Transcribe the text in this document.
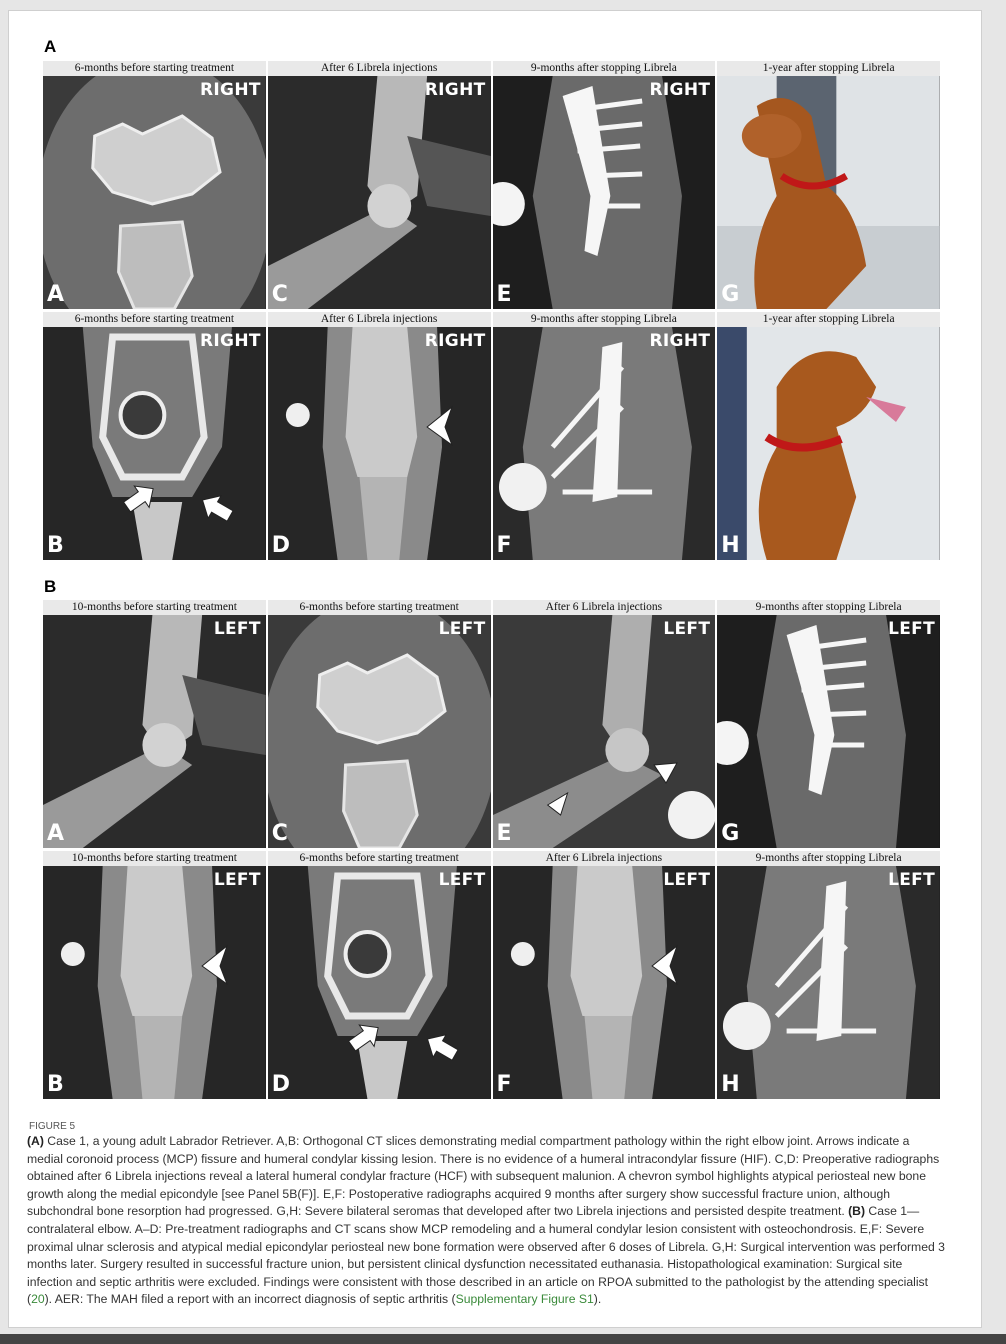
A
6-months before starting treatment
RIGHT
A
After 6 Librela injections
RIGHT
C
9-months after stopping Librela
RIGHT
E
1-year after stopping Librela
G
6-months before starting treatment
RIGHT
B
After 6 Librela injections
RIGHT
D
9-months after stopping Librela
RIGHT
F
1-year after stopping Librela
H
B
10-months before starting treatment
LEFT
A
6-months before starting treatment
LEFT
C
After 6 Librela injections
LEFT
E
9-months after stopping Librela
LEFT
G
10-months before starting treatment
LEFT
B
6-months before starting treatment
LEFT
D
After 6 Librela injections
LEFT
F
9-months after stopping Librela
LEFT
H
FIGURE 5
(A) Case 1, a young adult Labrador Retriever. A,B: Orthogonal CT slices demonstrating medial compartment pathology within the right elbow joint. Arrows indicate a medial coronoid process (MCP) fissure and humeral condylar kissing lesion. There is no evidence of a humeral intracondylar fissure (HIF). C,D: Preoperative radiographs obtained after 6 Librela injections reveal a lateral humeral condylar fracture (HCF) with subsequent malunion. A chevron symbol highlights atypical periosteal new bone growth along the medial epicondyle [see Panel 5B(F)]. E,F: Postoperative radiographs acquired 9 months after surgery show successful fracture union, although subchondral bone resorption had progressed. G,H: Severe bilateral seromas that developed after two Librela injections and persisted despite treatment. (B) Case 1—contralateral elbow. A–D: Pre-treatment radiographs and CT scans show MCP remodeling and a humeral condylar lesion consistent with osteochondrosis. E,F: Severe proximal ulnar sclerosis and atypical medial epicondylar periosteal new bone formation were observed after 6 doses of Librela. G,H: Surgical intervention was performed 3 months later. Surgery resulted in successful fracture union, but persistent clinical dysfunction necessitated euthanasia. Histopathological examination: Surgical site infection and septic arthritis were excluded. Findings were consistent with those described in an article on RPOA submitted to the pathologist by the attending specialist (20). AER: The MAH filed a report with an incorrect diagnosis of septic arthritis (Supplementary Figure S1).
